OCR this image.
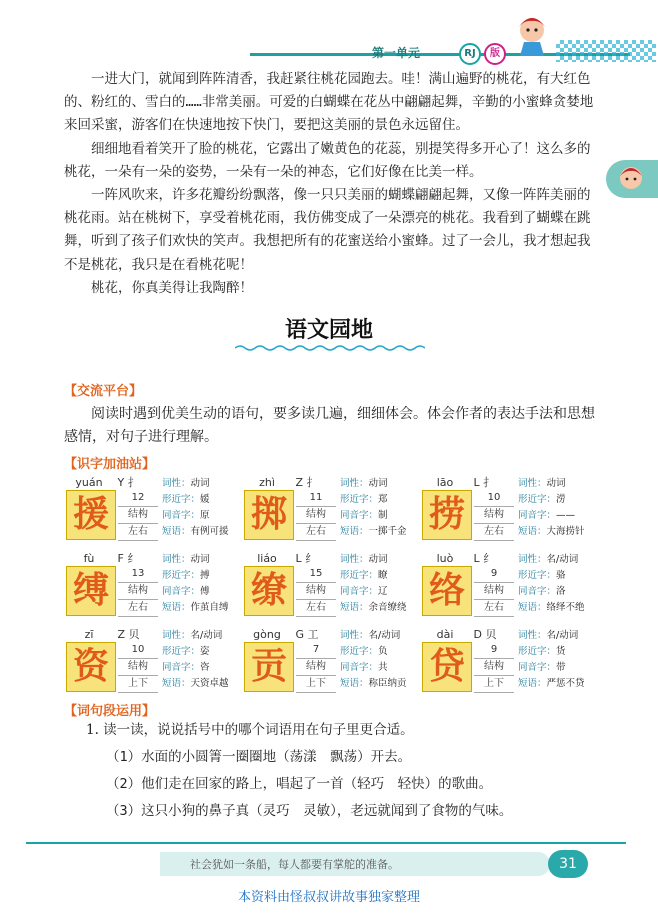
第一单元	RJ	版

一进大门，就闻到阵阵清香，我赶紧往桃花园跑去。哇！满山遍野的桃花，有大红色的、粉红的、雪白的……非常美丽。可爱的白蝴蝶在花丛中翩翩起舞，辛勤的小蜜蜂贪婪地来回采蜜，游客们在快速地按下快门，要把这美丽的景色永远留住。

细细地看着笑开了脸的桃花，它露出了嫩黄色的花蕊，别提笑得多开心了！这么多的桃花，一朵有一朵的姿势，一朵有一朵的神态，它们好像在比美一样。

一阵风吹来，许多花瓣纷纷飘落，像一只只美丽的蝴蝶翩翩起舞，又像一阵阵美丽的桃花雨。站在桃树下，享受着桃花雨，我仿佛变成了一朵漂亮的桃花。我看到了蝴蝶在跳舞，听到了孩子们欢快的笑声。我想把所有的花蜜送给小蜜蜂。过了一会儿，我才想起我不是桃花，我只是在看桃花呢！

桃花，你真美得让我陶醉！

语文园地
【交流平台】

阅读时遇到优美生动的语句，要多读几遍，细细体会。体会作者的表达手法和思想感情，对句子进行理解。

【识字加油站】
yuán Y 扌
援	12
结构
左右
词性：动词
形近字：媛
同音字：原
短语：有例可援
zhì Z 扌
掷	11
结构
左右
词性：动词
形近字：郑
同音字：制
短语：一掷千金
lāo L 扌
捞	10
结构
左右
词性：动词
形近字：涝
同音字：——
短语：大海捞针
fù F 纟
缚	13
结构
左右
词性：动词
形近字：搏
同音字：傅
短语：作茧自缚
liáo L 纟
缭	15
结构
左右
词性：动词
形近字：瞭
同音字：辽
短语：余音缭绕
luò L 纟
络	9
结构
左右
词性：名/动词
形近字：骆
同音字：洛
短语：络绎不绝
zī Z 贝
资	10
结构
上下
词性：名/动词
形近字：姿
同音字：咨
短语：天资卓越
gòng G 工
贡	7
结构
上下
词性：名/动词
形近字：负
同音字：共
短语：称臣纳贡
dài D 贝
贷	9
结构
上下
词性：名/动词
形近字：货
同音字：带
短语：严惩不贷
【词句段运用】
1. 读一读，说说括号中的哪个词语用在句子里更合适。
（1）水面的小圆箐一圈圈地（荡漾　飘荡）开去。
（2）他们走在回家的路上，唱起了一首（轻巧　轻快）的歌曲。
（3）这只小狗的鼻子真（灵巧　灵敏），老远就闻到了食物的气味。
社会犹如一条船，每人都要有掌舵的准备。	31
本资料由怪叔叔讲故事独家整理
